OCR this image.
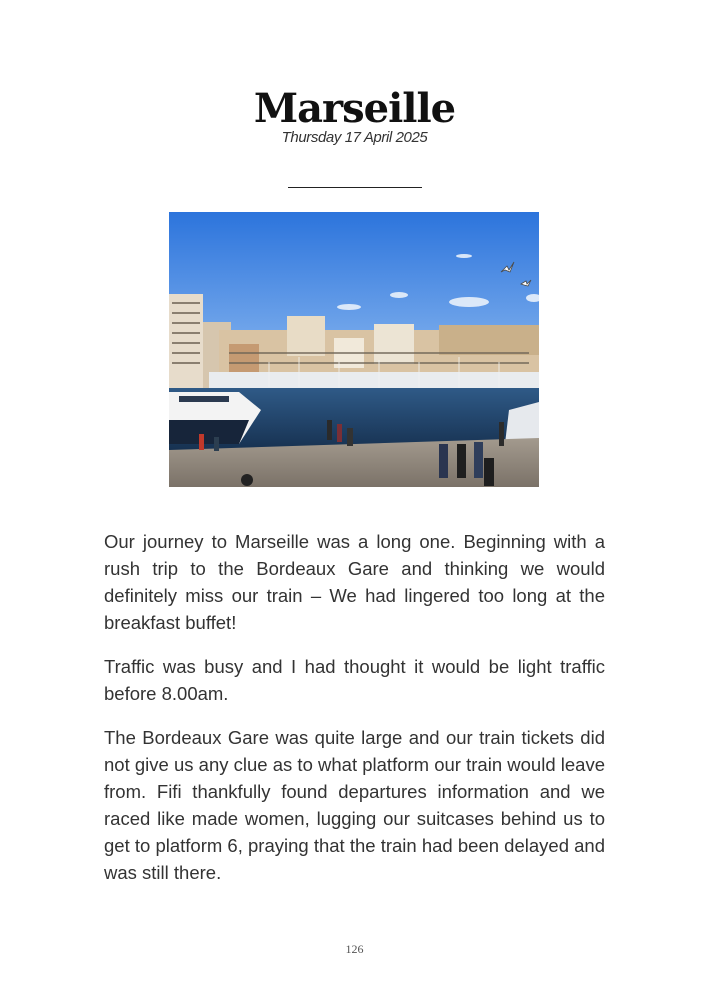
Marseille
Thursday 17 April 2025

Our journey to Marseille was a long one. Beginning with a rush trip to the Bordeaux Gare and thinking we would definitely miss our train – We had lingered too long at the breakfast buffet!

Traffic was busy and I had thought it would be light traffic before 8.00am.

The Bordeaux Gare was quite large and our train tickets did not give us any clue as to what platform our train would leave from. Fifi thankfully found departures information and we raced like made women, lugging our suitcases behind us to get to platform 6, praying that the train had been delayed and was still there.

126
